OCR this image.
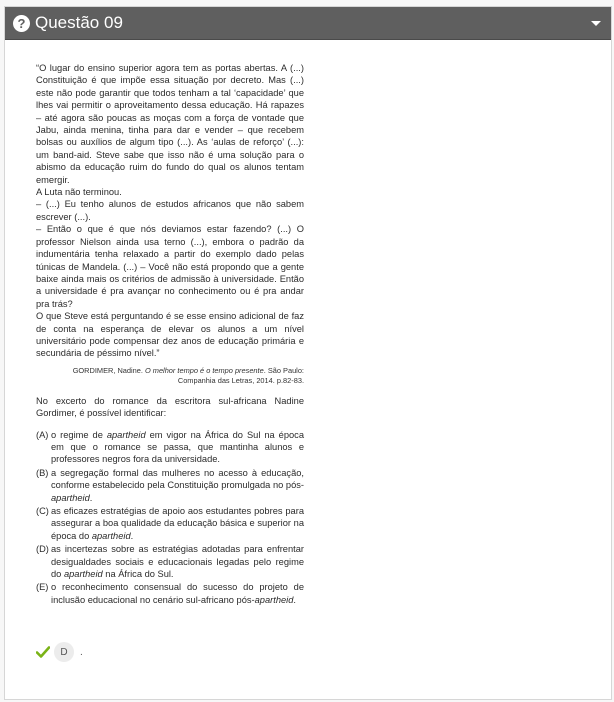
? Questão 09

“O lugar do ensino superior agora tem as portas abertas. A (...) Constituição é que impõe essa situação por decreto. Mas (...) este não pode garantir que todos tenham a tal ‘capacidade’ que lhes vai permitir o aproveitamento dessa educação. Há rapazes – até agora são poucas as moças com a força de vontade que Jabu, ainda menina, tinha para dar e vender – que recebem bolsas ou auxílios de algum tipo (...). As ‘aulas de reforço’ (...): um band-aid. Steve sabe que isso não é uma solução para o abismo da educação ruim do fundo do qual os alunos tentam emergir.

A Luta não terminou.

– (...) Eu tenho alunos de estudos africanos que não sabem escrever (...).

– Então o que é que nós deviamos estar fazendo? (...) O professor Nielson ainda usa terno (...), embora o padrão da indumentária tenha relaxado a partir do exemplo dado pelas túnicas de Mandela. (...) – Você não está propondo que a gente baixe ainda mais os critérios de admissão à universidade. Então a universidade é pra avançar no conhecimento ou é pra andar pra trás?

O que Steve está perguntando é se esse ensino adicional de faz de conta na esperança de elevar os alunos a um nível universitário pode compensar dez anos de educação primária e secundária de péssimo nível.”

GORDIMER, Nadine. O melhor tempo é o tempo presente. São Paulo: Companhia das Letras, 2014. p.82-83.
No excerto do romance da escritora sul-africana Nadine Gordimer, é possível identificar:
(A) o regime de apartheid em vigor na África do Sul na época em que o romance se passa, que mantinha alunos e professores negros fora da universidade.
(B) a segregação formal das mulheres no acesso à educação, conforme estabelecido pela Constituição promulgada no pós-apartheid.
(C) as eficazes estratégias de apoio aos estudantes pobres para assegurar a boa qualidade da educação básica e superior na época do apartheid.
(D) as incertezas sobre as estratégias adotadas para enfrentar desigualdades sociais e educacionais legadas pelo regime do apartheid na África do Sul.
(E) o reconhecimento consensual do sucesso do projeto de inclusão educacional no cenário sul-africano pós-apartheid.
D	.
